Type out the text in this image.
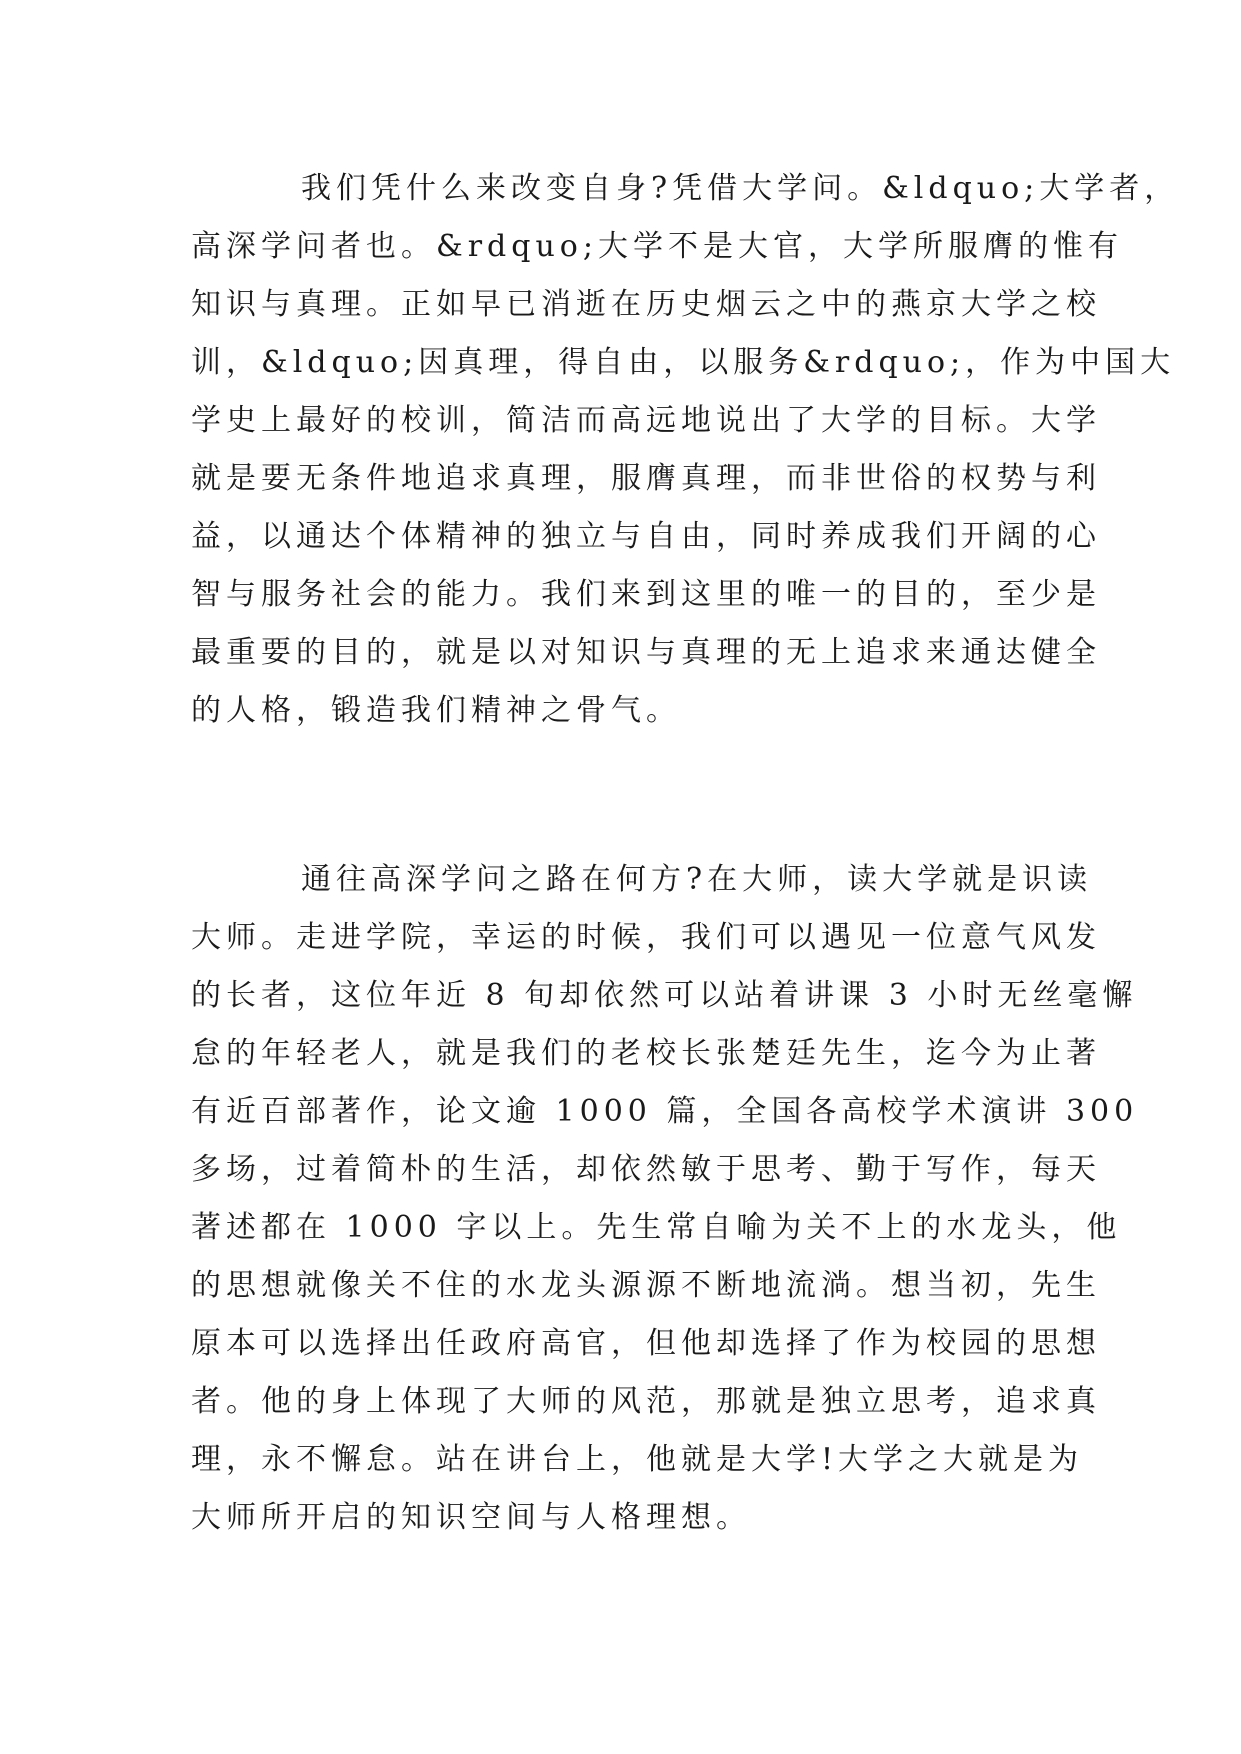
我们凭什么来改变自身?凭借大学问。&ldquo;大学者，
高深学问者也。&rdquo;大学不是大官，大学所服膺的惟有
知识与真理。正如早已消逝在历史烟云之中的燕京大学之校
训，&ldquo;因真理，得自由，以服务&rdquo;，作为中国大
学史上最好的校训，简洁而高远地说出了大学的目标。大学
就是要无条件地追求真理，服膺真理，而非世俗的权势与利
益，以通达个体精神的独立与自由，同时养成我们开阔的心
智与服务社会的能力。我们来到这里的唯一的目的，至少是
最重要的目的，就是以对知识与真理的无上追求来通达健全
的人格，锻造我们精神之骨气。
通往高深学问之路在何方?在大师，读大学就是识读
大师。走进学院，幸运的时候，我们可以遇见一位意气风发
的长者，这位年近 8 旬却依然可以站着讲课 3 小时无丝毫懈
怠的年轻老人，就是我们的老校长张楚廷先生，迄今为止著
有近百部著作，论文逾 1000 篇，全国各高校学术演讲 300
多场，过着简朴的生活，却依然敏于思考、勤于写作，每天
著述都在 1000 字以上。先生常自喻为关不上的水龙头，他
的思想就像关不住的水龙头源源不断地流淌。想当初，先生
原本可以选择出任政府高官，但他却选择了作为校园的思想
者。他的身上体现了大师的风范，那就是独立思考，追求真
理，永不懈怠。站在讲台上，他就是大学!大学之大就是为
大师所开启的知识空间与人格理想。
